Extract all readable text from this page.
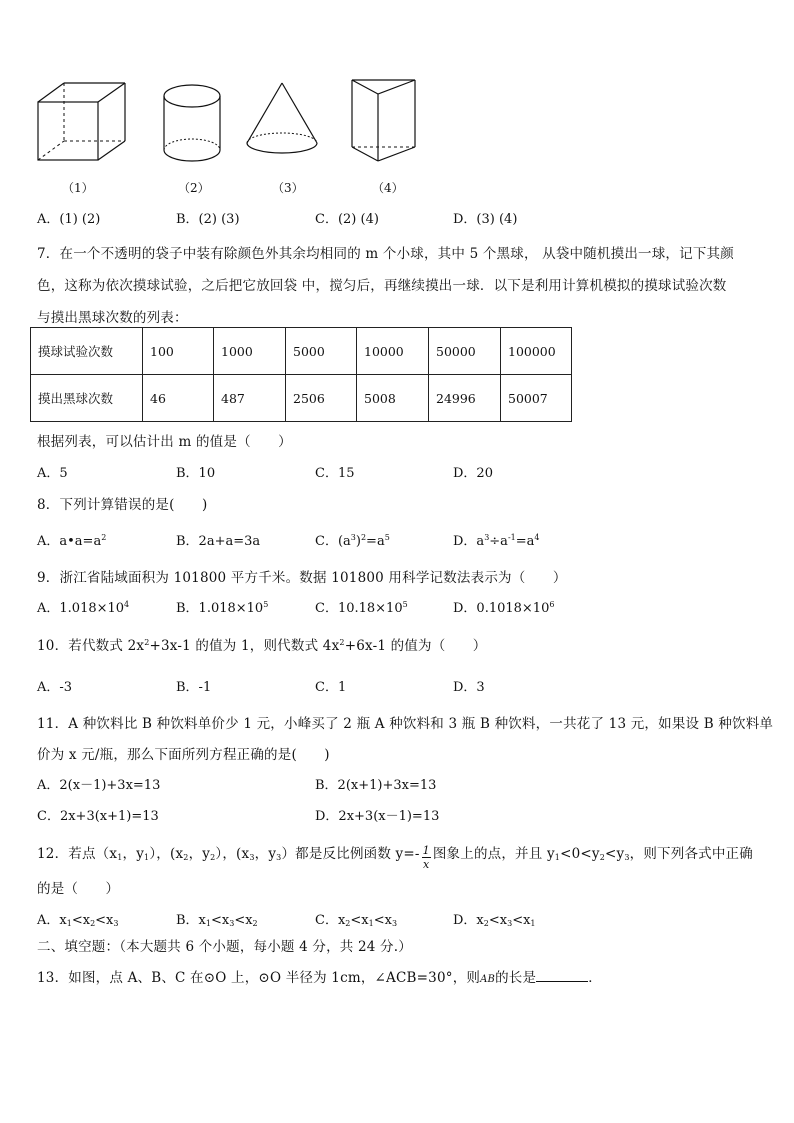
（1）	（2）	（3）	（4）
A．(1) (2)	B．(2) (3)	C．(2) (4)	D．(3) (4)
7．在一个不透明的袋子中装有除颜色外其余均相同的 m 个小球，其中 5 个黑球， 从袋中随机摸出一球，记下其颜
色，这称为依次摸球试验，之后把它放回袋 中，搅匀后，再继续摸出一球．以下是利用计算机模拟的摸球试验次数
与摸出黑球次数的列表：
摸球试验次数	100	1000	5000	10000	50000	100000
摸出黑球次数	46	487	2506	5008	24996	50007
根据列表，可以估计出 m 的值是（　　）
A．5	B．10	C．15	D．20
8．下列计算错误的是(　　)
A．$a•a=a^2$	B．2a+a=3a	C．$(a^3)^2=a^5$	D．$a^3\div a^{-1}=a^4$
9．浙江省陆域面积为 101800 平方千米。数据 101800 用科学记数法表示为（　　）
A．$1.018\times 10^4$	B．$1.018\times 10^5$	C．$10.18\times 10^5$	D．$0.1018\times 10^6$
10．若代数式 $2x^2+3x-1$ 的值为 1，则代数式 $4x^2+6x-1$ 的值为（　　）
A．-3	B．-1	C．1	D．3
11．A 种饮料比 B 种饮料单价少 1 元，小峰买了 2 瓶 A 种饮料和 3 瓶 B 种饮料，一共花了 13 元，如果设 B 种饮料单
价为 x 元/瓶，那么下面所列方程正确的是(　　)
A．2(x－1)+3x=13	B．2(x+1)+3x=13
C．2x+3(x+1)=13	D．2x+3(x－1)=13
12．若点（$x_1$，$y_1$），($x_2$，$y_2$），($x_3$，$y_3$）都是反比例函数 $y=- \frac{1}{x}$ 图象上的点，并且 $y_1<0<y_2<y_3$，则下列各式中正确
的是（　　）
A．$x_1<x_2<x_3$	B．$x_1<x_3<x_2$	C．$x_2<x_1<x_3$	D．$x_2<x_3<x_1$
二、填空题：（本大题共 6 个小题，每小题 4 分，共 24 分.）
13．如图，点 A、B、C 在⊙O 上，⊙O 半径为 1cm，∠ACB=30°，则AB的长是	．
